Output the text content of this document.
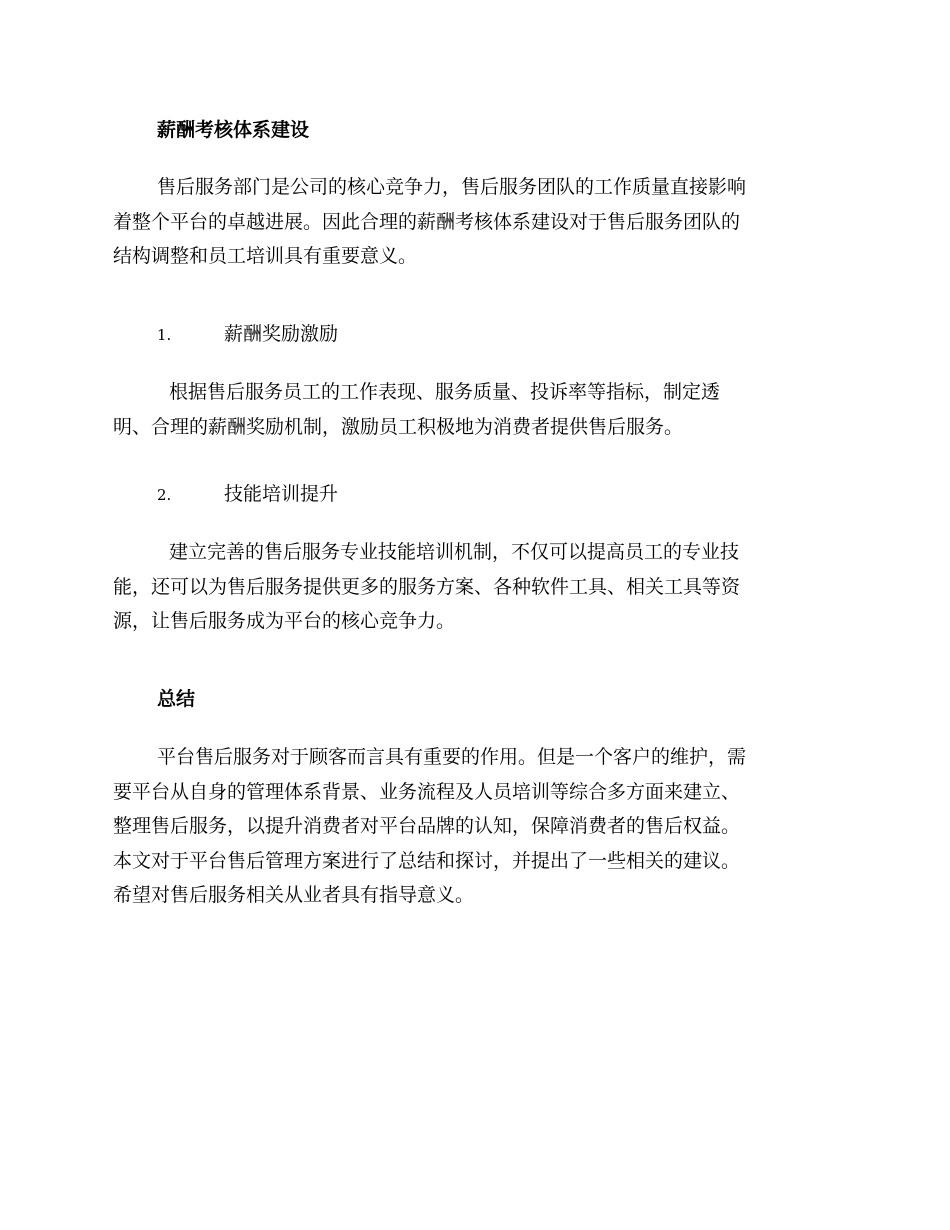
薪酬考核体系建设
售后服务部门是公司的核心竞争力，售后服务团队的工作质量直接影响
着整个平台的卓越进展。因此合理的薪酬考核体系建设对于售后服务团队的
结构调整和员工培训具有重要意义。
1.	薪酬奖励激励
根据售后服务员工的工作表现、服务质量、投诉率等指标，制定透
明、合理的薪酬奖励机制，激励员工积极地为消费者提供售后服务。
2.	技能培训提升
建立完善的售后服务专业技能培训机制，不仅可以提高员工的专业技
能，还可以为售后服务提供更多的服务方案、各种软件工具、相关工具等资
源，让售后服务成为平台的核心竞争力。
总结
平台售后服务对于顾客而言具有重要的作用。但是一个客户的维护，需
要平台从自身的管理体系背景、业务流程及人员培训等综合多方面来建立、
整理售后服务，以提升消费者对平台品牌的认知，保障消费者的售后权益。
本文对于平台售后管理方案进行了总结和探讨，并提出了一些相关的建议。
希望对售后服务相关从业者具有指导意义。
